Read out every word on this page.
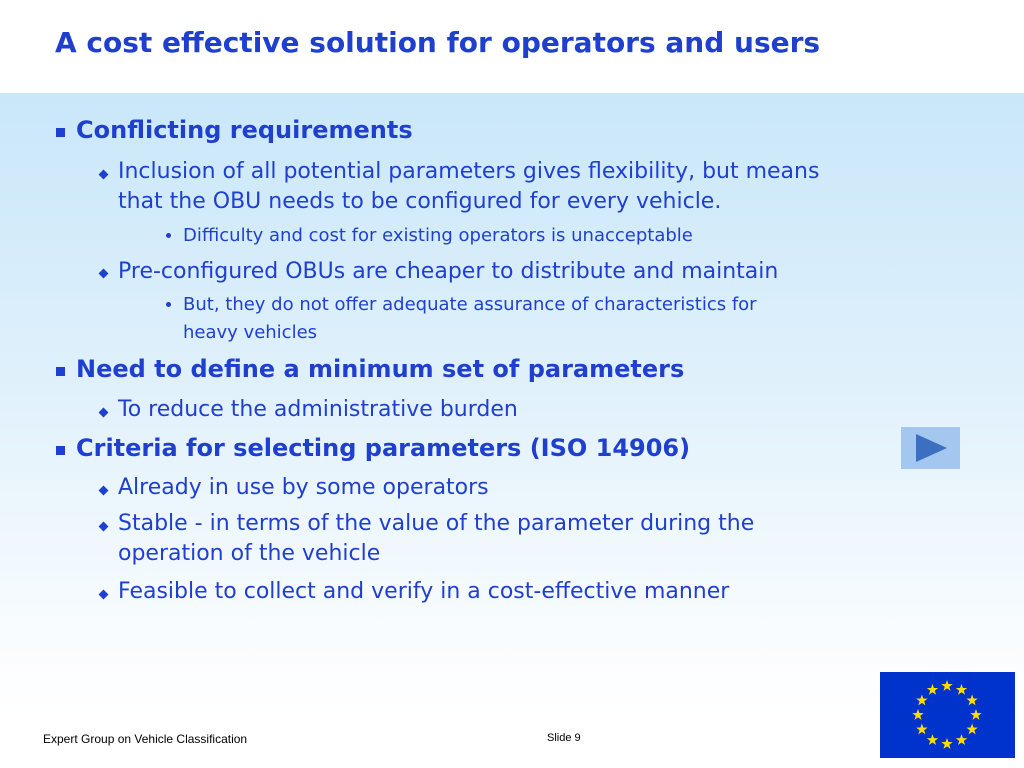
A cost effective solution for operators and users
Conflicting requirements
Inclusion of all potential parameters gives flexibility, but means
that the OBU needs to be configured for every vehicle.
Difficulty and cost for existing operators is unacceptable
Pre-configured OBUs are cheaper to distribute and maintain
But, they do not offer adequate assurance of characteristics for
heavy vehicles
Need to define a minimum set of parameters
To reduce the administrative burden
Criteria for selecting parameters (ISO 14906)
Already in use by some operators
Stable - in terms of the value of the parameter during the
operation of the vehicle
Feasible to collect and verify in a cost-effective manner
Expert Group on Vehicle Classification	Slide 9
